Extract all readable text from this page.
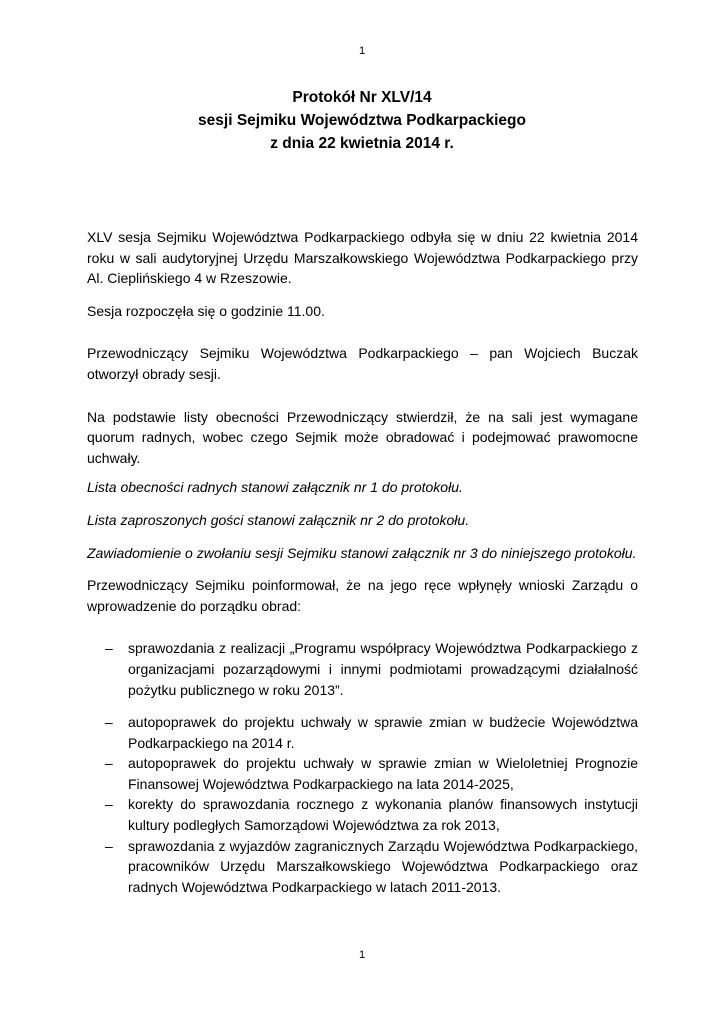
1
Protokół Nr XLV/14
sesji Sejmiku Województwa Podkarpackiego
z dnia 22 kwietnia 2014 r.

XLV sesja Sejmiku Województwa Podkarpackiego odbyła się w dniu 22 kwietnia 2014 roku w sali audytoryjnej Urzędu Marszałkowskiego Województwa Podkarpackiego przy Al. Cieplińskiego 4 w Rzeszowie.

Sesja rozpoczęła się o godzinie 11.00.

Przewodniczący Sejmiku Województwa Podkarpackiego – pan Wojciech Buczak otworzył obrady sesji.

Na podstawie listy obecności Przewodniczący stwierdził, że na sali jest wymagane quorum radnych, wobec czego Sejmik może obradować i podejmować prawomocne uchwały.

Lista obecności radnych stanowi załącznik nr 1 do protokołu.

Lista zaproszonych gości stanowi załącznik nr 2 do protokołu.

Zawiadomienie o zwołaniu sesji Sejmiku stanowi załącznik nr 3 do niniejszego protokołu.

Przewodniczący Sejmiku poinformował, że na jego ręce wpłynęły wnioski Zarządu o wprowadzenie do porządku obrad:

– sprawozdania z realizacji „Programu współpracy Województwa Podkarpackiego z organizacjami pozarządowymi i innymi podmiotami prowadzącymi działalność pożytku publicznego w roku 2013”.
– autopoprawek do projektu uchwały w sprawie zmian w budżecie Województwa Podkarpackiego na 2014 r.
– autopoprawek do projektu uchwały w sprawie zmian w Wieloletniej Prognozie Finansowej Województwa Podkarpackiego na lata 2014-2025,
– korekty do sprawozdania rocznego z wykonania planów finansowych instytucji kultury podległych Samorządowi Województwa za rok 2013,
– sprawozdania z wyjazdów zagranicznych Zarządu Województwa Podkarpackiego, pracowników Urzędu Marszałkowskiego Województwa Podkarpackiego oraz radnych Województwa Podkarpackiego w latach 2011-2013.
1
